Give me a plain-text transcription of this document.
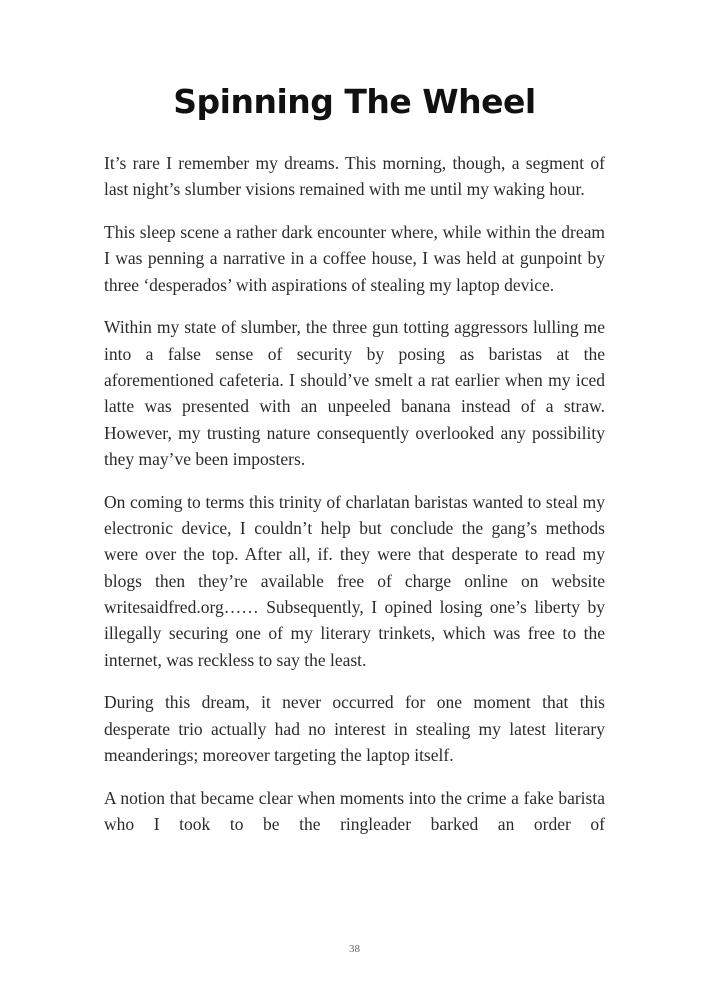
Spinning The Wheel

It’s rare I remember my dreams. This morning, though, a segment of last night’s slumber visions remained with me until my waking hour.

This sleep scene a rather dark encounter where, while within the dream I was penning a narrative in a coffee house, I was held at gunpoint by three ‘desperados’ with aspirations of stealing my laptop device.

Within my state of slumber, the three gun totting aggressors lulling me into a false sense of security by posing as baristas at the aforementioned cafeteria. I should’ve smelt a rat earlier when my iced latte was presented with an unpeeled banana instead of a straw. However, my trusting nature consequently overlooked any possibility they may’ve been imposters.

On coming to terms this trinity of charlatan baristas wanted to steal my electronic device, I couldn’t help but conclude the gang’s methods were over the top. After all, if. they were that desperate to read my blogs then they’re available free of charge online on website writesaidfred.org…… Subsequently, I opined losing one’s liberty by illegally securing one of my literary trinkets, which was free to the internet, was reckless to say the least.

During this dream, it never occurred for one moment that this desperate trio actually had no interest in stealing my latest literary meanderings; moreover targeting the laptop itself.

A notion that became clear when moments into the crime a fake barista who I took to be the ringleader barked an order of

38
